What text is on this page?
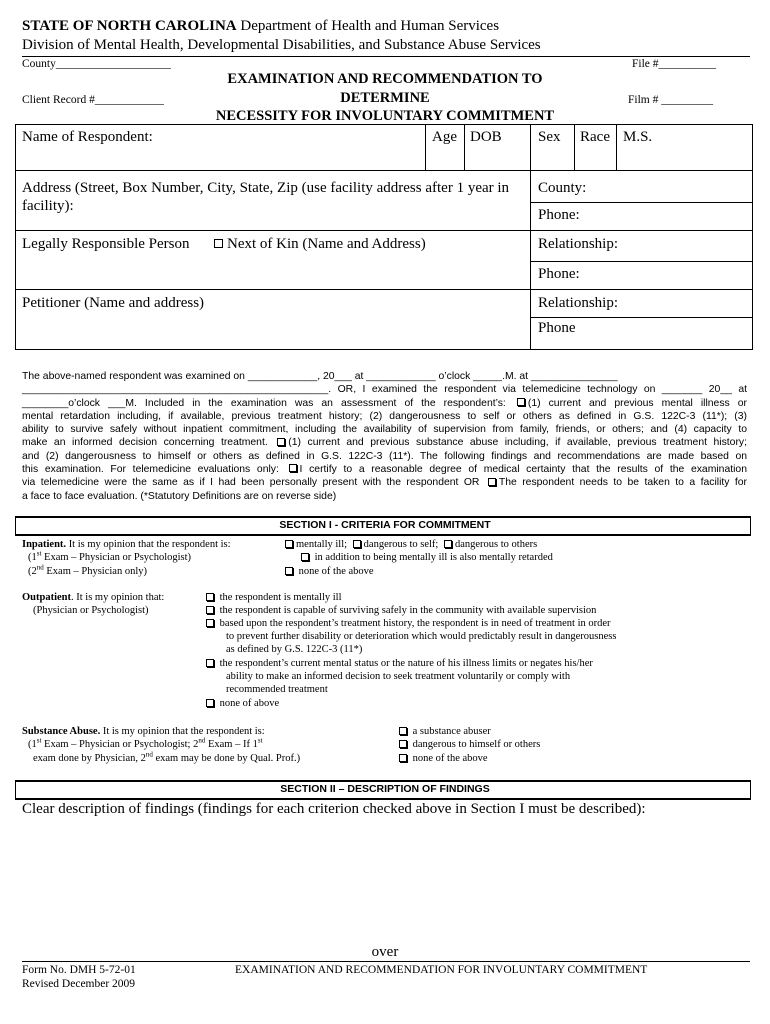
STATE OF NORTH CAROLINA Department of Health and Human Services
Division of Mental Health, Developmental Disabilities, and Substance Abuse Services
County____________________	File #__________
EXAMINATION AND RECOMMENDATION TO
Client Record #____________	DETERMINE	Film # _________
NECESSITY FOR INVOLUNTARY COMMITMENT
Name of Respondent:	Age DOB Sex Race M.S.
Address (Street, Box Number, City, State, Zip (use facility address after 1 year in
facility):
County:
Phone:
Legally Responsible Person	Next of Kin (Name and Address)	Relationship:
Phone:
Petitioner (Name and address)	Relationship:
Phone
The above-named respondent was examined on ____________, 20___ at ____________ o’clock _____.M. at _______________
_____________________________________________________. OR, I examined the respondent via telemedicine technology on _______ 20__ at
________o’clock ___M. Included in the examination was an assessment of the respondent’s: (1) current and previous mental illness or
mental retardation including, if available, previous treatment history; (2) dangerousness to self or others as defined in G.S. 122C-3 (11*); (3)
ability to survive safely without inpatient commitment, including the availability of supervision from family, friends, or others; and (4) capacity to
make an informed decision concerning treatment. (1) current and previous substance abuse including, if available, previous treatment history;
and (2) dangerousness to himself or others as defined in G.S. 122C-3 (11*). The following findings and recommendations are made based on
this examination. For telemedicine evaluations only: I certify to a reasonable degree of medical certainty that the results of the examination
via telemedicine were the same as if I had been personally present with the respondent OR The respondent needs to be taken to a facility for
a face to face evaluation. (*Statutory Definitions are on reverse side)
SECTION I - CRITERIA FOR COMMITMENT
Inpatient. It is my opinion that the respondent is:
(1st Exam – Physician or Psychologist)
(2nd Exam – Physician only)
mentally ill; dangerous to self; dangerous to others
in addition to being mentally ill is also mentally retarded
none of the above
Outpatient. It is my opinion that:
(Physician or Psychologist)
the respondent is mentally ill
the respondent is capable of surviving safely in the community with available supervision
based upon the respondent’s treatment history, the respondent is in need of treatment in order
to prevent further disability or deterioration which would predictably result in dangerousness
as defined by G.S. 122C-3 (11*)
the respondent’s current mental status or the nature of his illness limits or negates his/her
ability to make an informed decision to seek treatment voluntarily or comply with
recommended treatment
none of above
Substance Abuse. It is my opinion that the respondent is:
(1st Exam – Physician or Psychologist; 2nd Exam – If 1st
exam done by Physician, 2nd exam may be done by Qual. Prof.)
a substance abuser
dangerous to himself or others
none of the above
SECTION II – DESCRIPTION OF FINDINGS
Clear description of findings (findings for each criterion checked above in Section I must be described):
over
Form No. DMH 5-72-01
Revised December 2009
EXAMINATION AND RECOMMENDATION FOR INVOLUNTARY COMMITMENT
